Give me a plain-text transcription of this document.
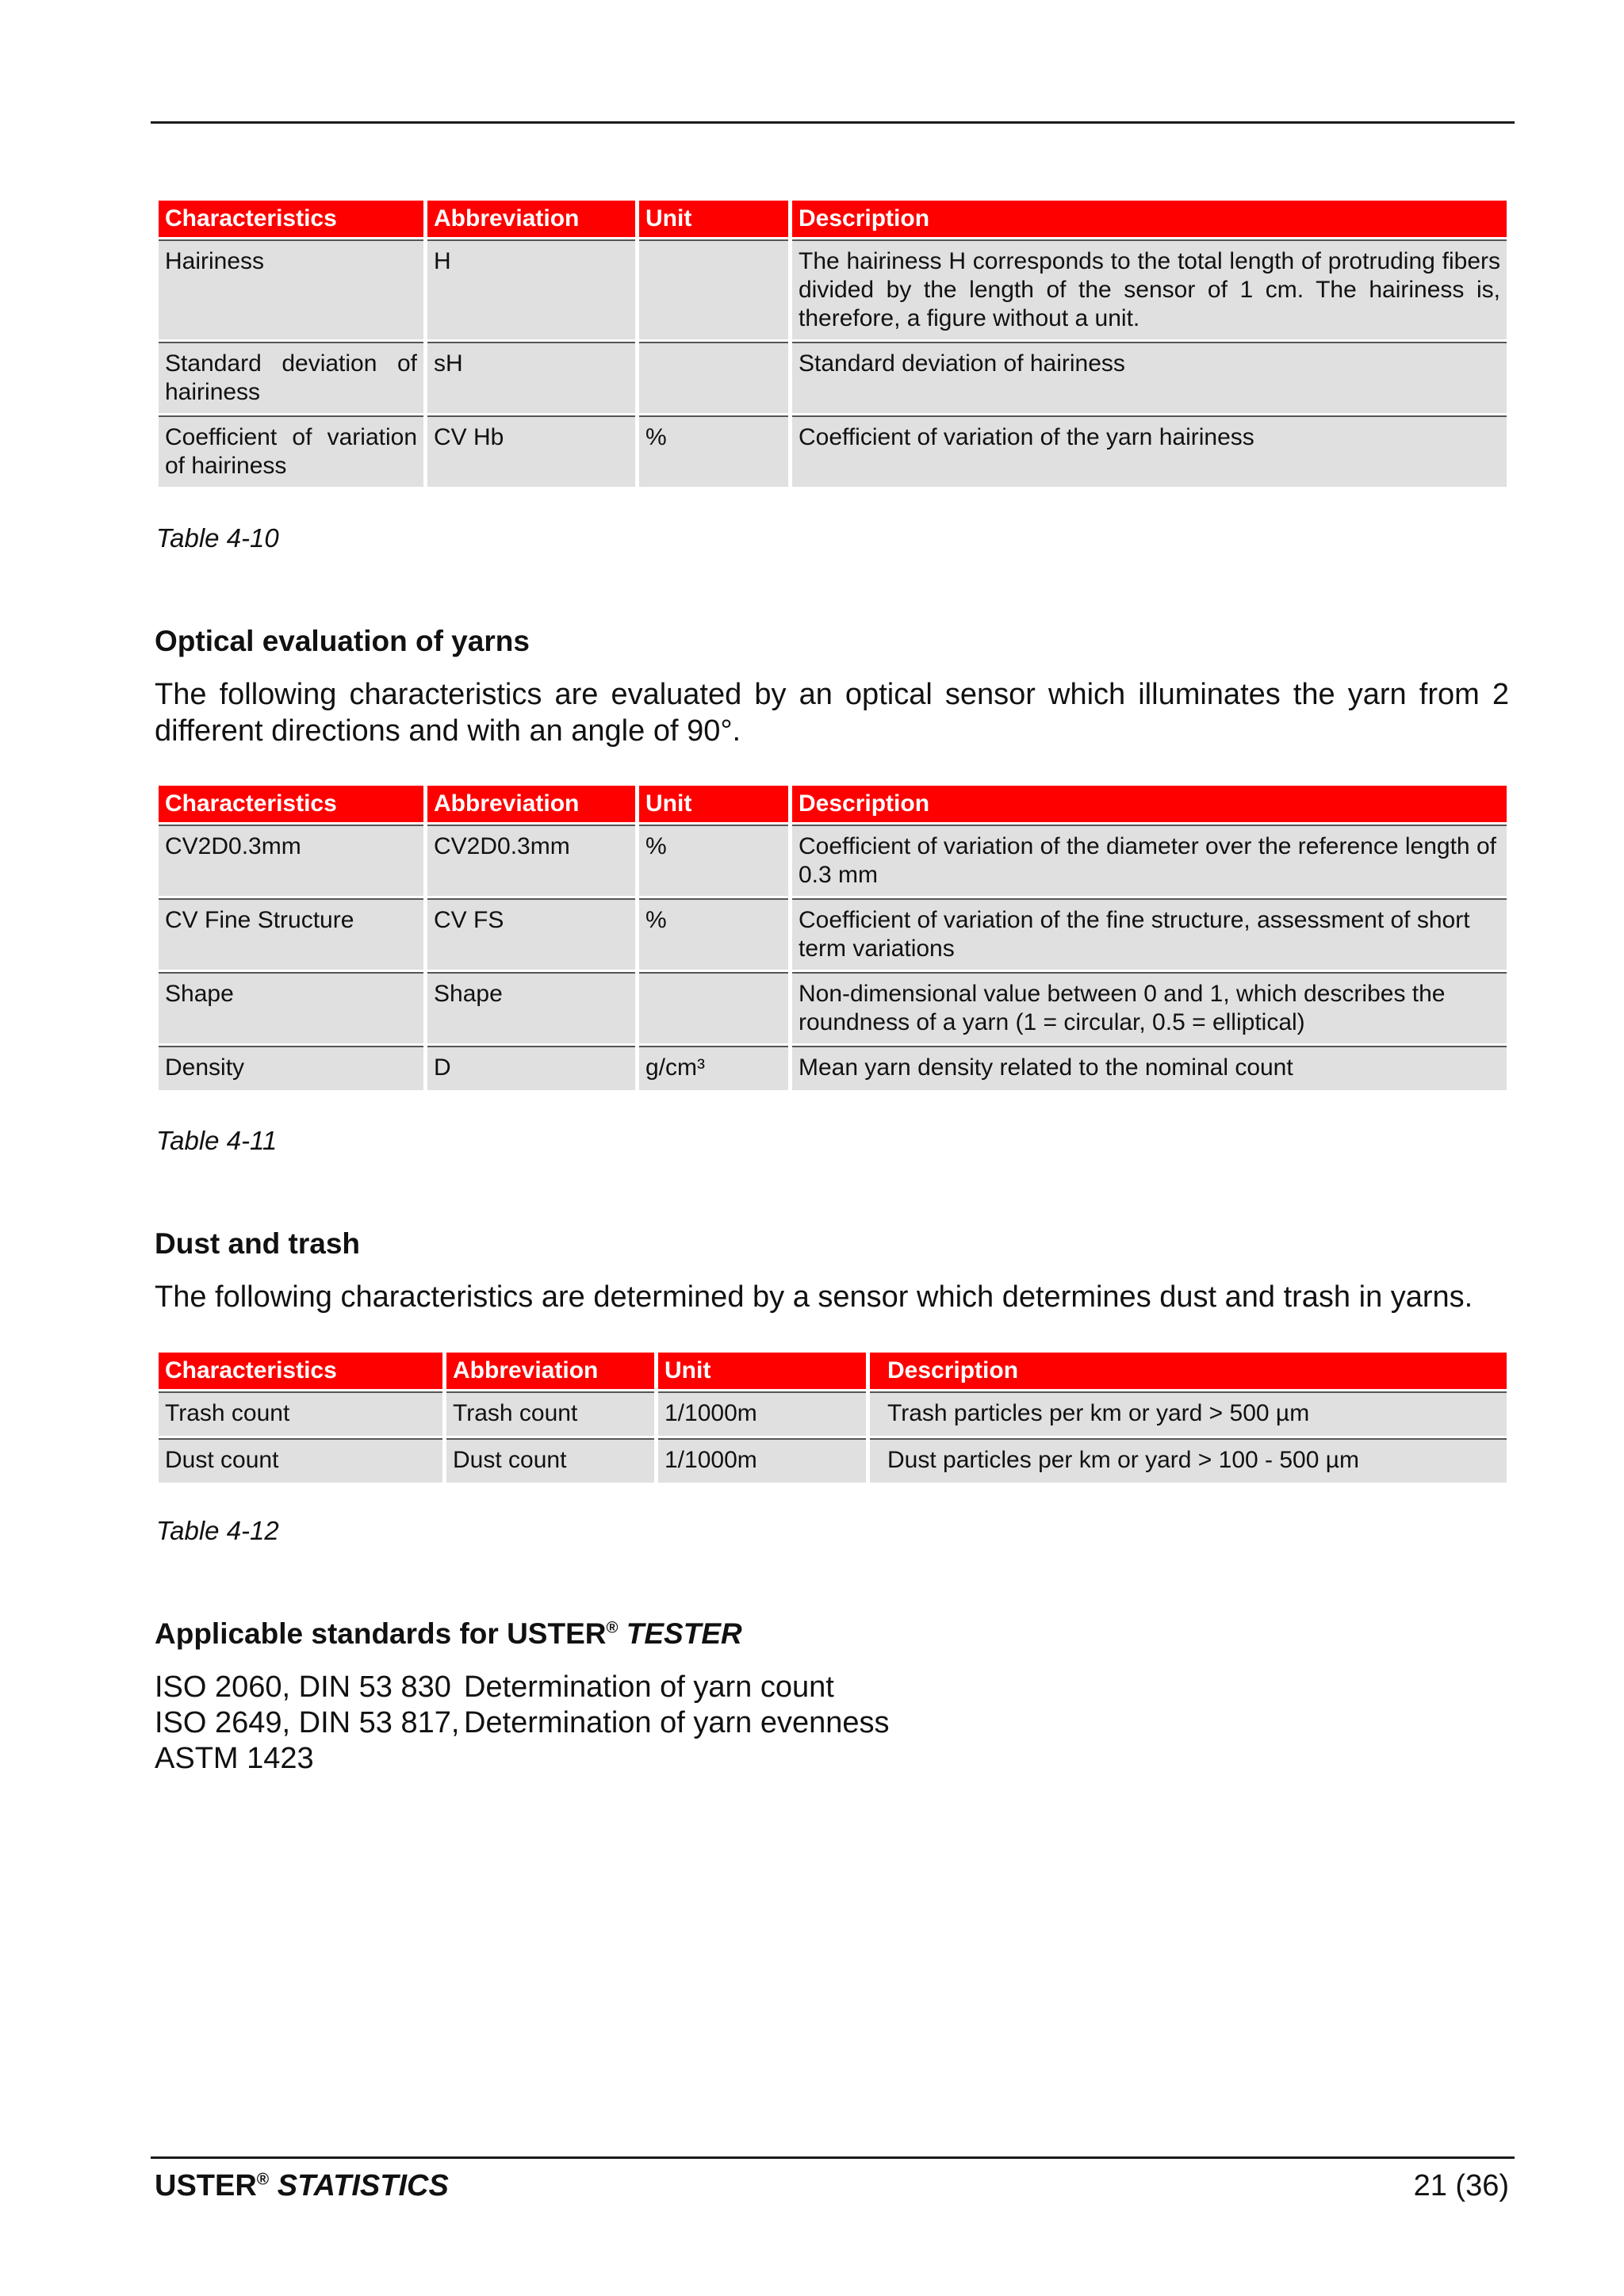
Characteristics	Abbreviation	Unit	Description
Hairiness	H		The hairiness H corresponds to the total length of protruding fibers divided by the length of the sensor of 1 cm. The hairiness is, therefore, a figure without a unit.
Standard deviation of hairiness	sH		Standard deviation of hairiness
Coefficient of variation of hairiness	CV Hb	%	Coefficient of variation of the yarn hairiness
Table 4-10
Optical evaluation of yarns
The following characteristics are evaluated by an optical sensor which illuminates the yarn from 2 different directions and with an angle of 90°.
Characteristics	Abbreviation	Unit	Description
CV2D0.3mm	CV2D0.3mm	%	Coefficient of variation of the diameter over the reference length of 0.3 mm
CV Fine Structure	CV FS	%	Coefficient of variation of the fine structure, assessment of short term variations
Shape	Shape		Non-dimensional value between 0 and 1, which describes the roundness of a yarn (1 = circular, 0.5 = elliptical)
Density	D	g/cm³	Mean yarn density related to the nominal count
Table 4-11
Dust and trash
The following characteristics are determined by a sensor which determines dust and trash in yarns.
Characteristics	Abbreviation	Unit	Description
Trash count	Trash count	1/1000m	Trash particles per km or yard > 500 µm
Dust count	Dust count	1/1000m	Dust particles per km or yard > 100 - 500 µm
Table 4-12
Applicable standards for USTER® TESTER
ISO 2060, DIN 53 830 Determination of yarn count
ISO 2649, DIN 53 817, Determination of yarn evenness
ASTM 1423
USTER® STATISTICS	21 (36)
